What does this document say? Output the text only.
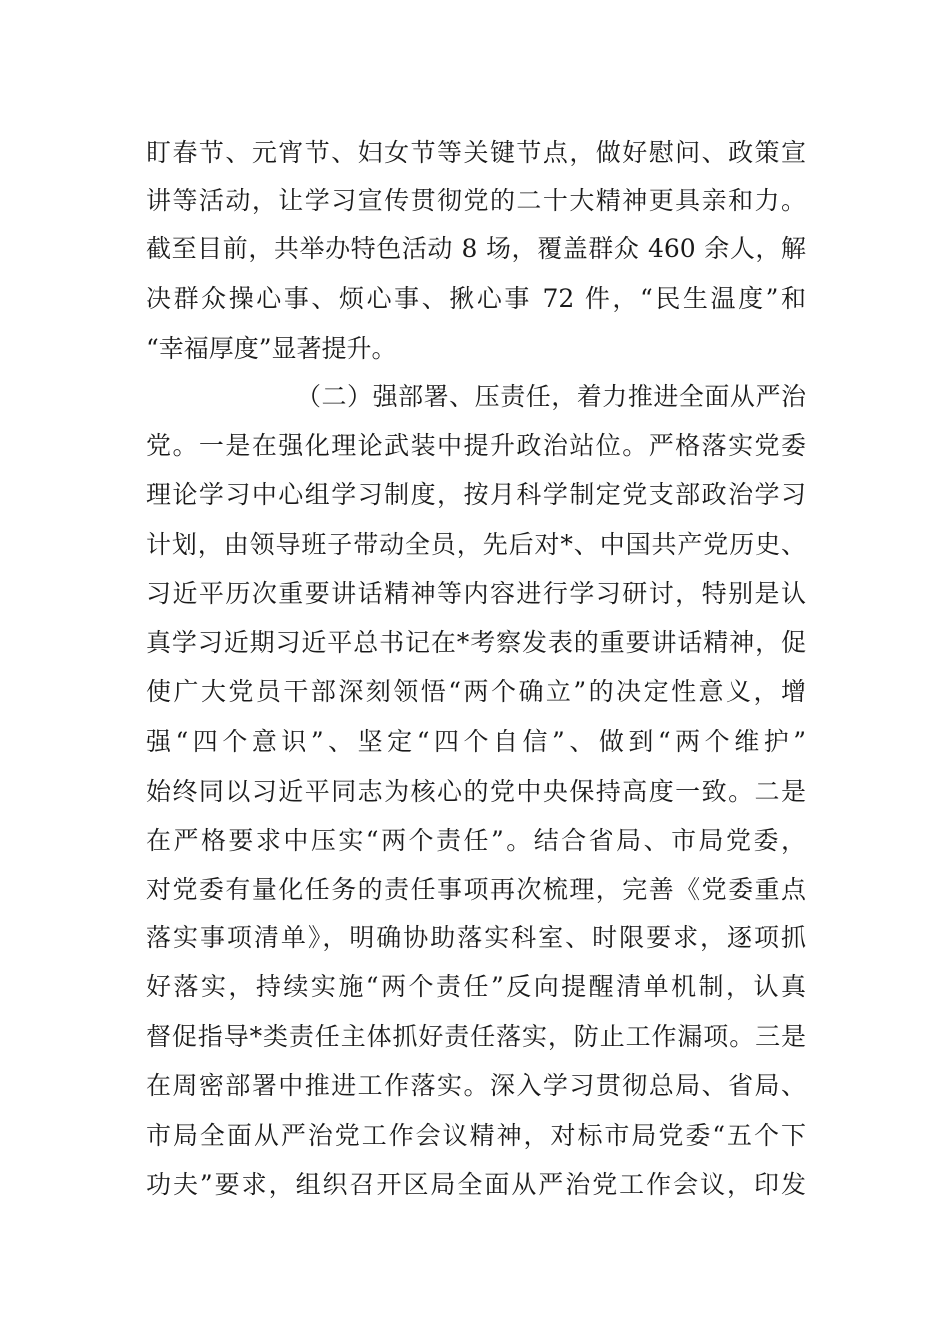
盯春节、元宵节、妇女节等关键节点，做好慰问、政策宣
讲等活动，让学习宣传贯彻党的二十大精神更具亲和力。
截至目前，共举办特色活动 8 场，覆盖群众 460 余人，解
决群众操心事、烦心事、揪心事 72 件，“民生温度”和
“幸福厚度”显著提升。
（二）强部署、压责任，着力推进全面从严治
党。一是在强化理论武装中提升政治站位。严格落实党委
理论学习中心组学习制度，按月科学制定党支部政治学习
计划，由领导班子带动全员，先后对*、中国共产党历史、
习近平历次重要讲话精神等内容进行学习研讨，特别是认
真学习近期习近平总书记在*考察发表的重要讲话精神，促
使广大党员干部深刻领悟“两个确立”的决定性意义，增
强“四个意识”、坚定“四个自信”、做到“两个维护”
始终同以习近平同志为核心的党中央保持高度一致。二是
在严格要求中压实“两个责任”。结合省局、市局党委，
对党委有量化任务的责任事项再次梳理，完善《党委重点
落实事项清单》，明确协助落实科室、时限要求，逐项抓
好落实，持续实施“两个责任”反向提醒清单机制，认真
督促指导*类责任主体抓好责任落实，防止工作漏项。三是
在周密部署中推进工作落实。深入学习贯彻总局、省局、
市局全面从严治党工作会议精神，对标市局党委“五个下
功夫”要求，组织召开区局全面从严治党工作会议，印发
